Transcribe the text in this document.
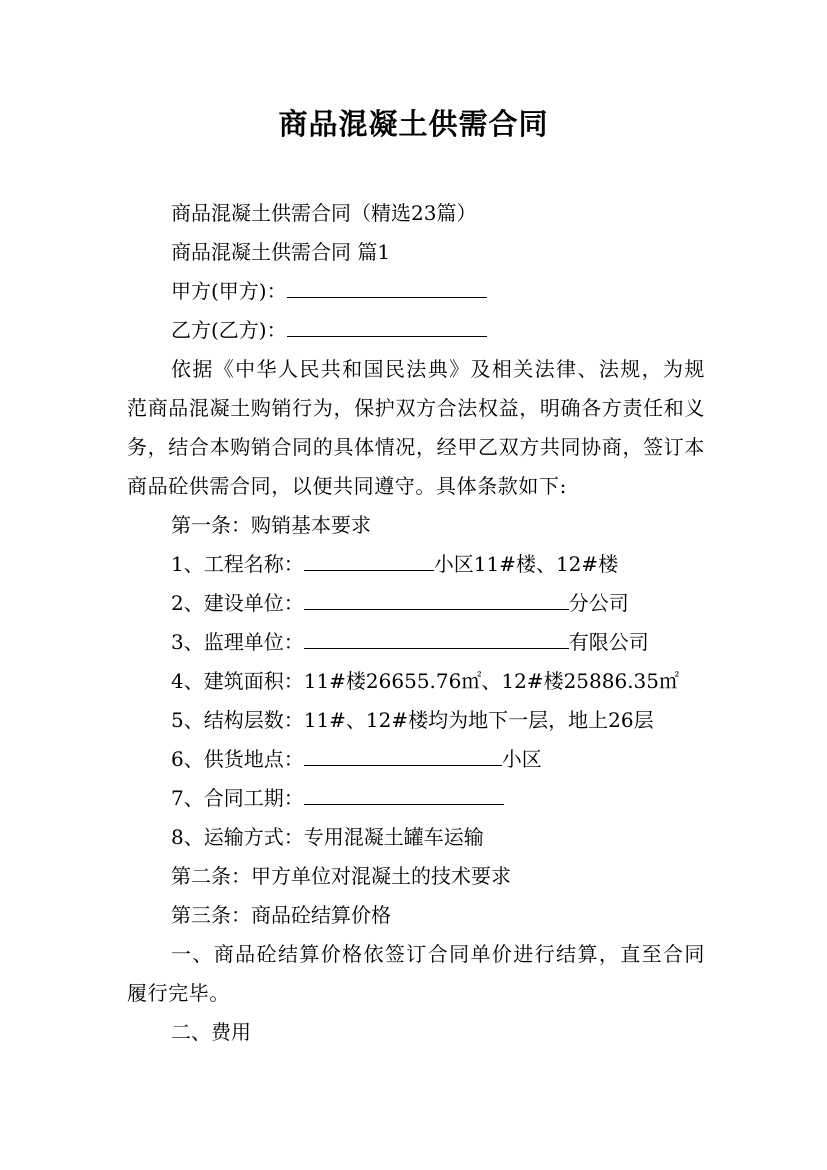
商品混凝土供需合同

商品混凝土供需合同（精选23篇）

商品混凝土供需合同 篇1

甲方(甲方)：

乙方(乙方)：

依据《中华人民共和国民法典》及相关法律、法规，为规范商品混凝土购销行为，保护双方合法权益，明确各方责任和义务，结合本购销合同的具体情况，经甲乙双方共同协商，签订本商品砼供需合同，以便共同遵守。具体条款如下:

第一条：购销基本要求

1、工程名称：	小区11#楼、12#楼

2、建设单位：	分公司

3、监理单位：	有限公司

4、建筑面积：11#楼26655.76㎡、12#楼25886.35㎡

5、结构层数：11#、12#楼均为地下一层，地上26层

6、供货地点：	小区

7、合同工期：

8、运输方式：专用混凝土罐车运输

第二条：甲方单位对混凝土的技术要求

第三条：商品砼结算价格

一、商品砼结算价格依签订合同单价进行结算，直至合同履行完毕。

二、费用
